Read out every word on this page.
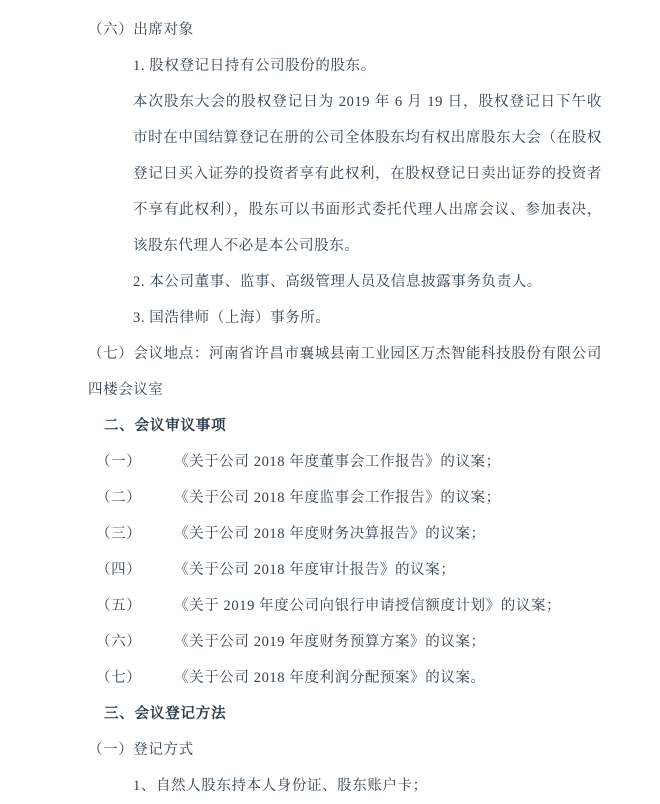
（六）出席对象

1. 股权登记日持有公司股份的股东。

本次股东大会的股权登记日为 2019 年 6 月 19 日，股权登记日下午收市时在中国结算登记在册的公司全体股东均有权出席股东大会（在股权登记日买入证券的投资者享有此权利，在股权登记日卖出证券的投资者不享有此权利），股东可以书面形式委托代理人出席会议、参加表决，该股东代理人不必是本公司股东。

2. 本公司董事、监事、高级管理人员及信息披露事务负责人。

3. 国浩律师（上海）事务所。

（七）会议地点：河南省许昌市襄城县南工业园区万杰智能科技股份有限公司四楼会议室

二、会议审议事项

（一）	《关于公司 2018 年度董事会工作报告》的议案；
（二）	《关于公司 2018 年度监事会工作报告》的议案；
（三）	《关于公司 2018 年度财务决算报告》的议案；
（四）	《关于公司 2018 年度审计报告》的议案；
（五）	《关于 2019 年度公司向银行申请授信额度计划》的议案；
（六）	《关于公司 2019 年度财务预算方案》的议案；
（七）	《关于公司 2018 年度利润分配预案》的议案。

三、会议登记方法

（一）登记方式

1、自然人股东持本人身份证、股东账户卡；
